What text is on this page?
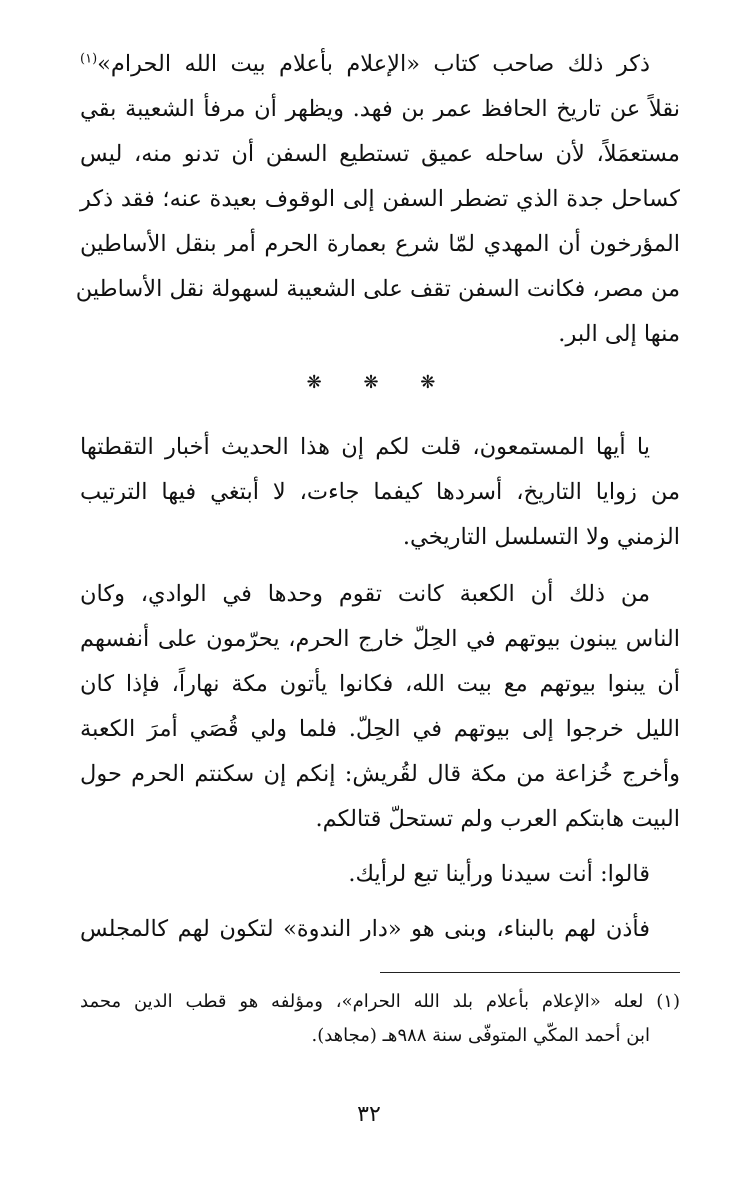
ذكر ذلك صاحب كتاب «الإعلام بأعلام بيت الله الحرام»$^{(١)}$
نقلاً عن تاريخ الحافظ عمر بن فهد. ويظهر أن مرفأ الشعيبة بقي
مستعمَلاً، لأن ساحله عميق تستطيع السفن أن تدنو منه، ليس
كساحل جدة الذي تضطر السفن إلى الوقوف بعيدة عنه؛ فقد ذكر
المؤرخون أن المهدي لمّا شرع بعمارة الحرم أمر بنقل الأساطين
من مصر، فكانت السفن تقف على الشعيبة لسهولة نقل الأساطين
منها إلى البر.
❋ ❋ ❋
يا أيها المستمعون، قلت لكم إن هذا الحديث أخبار التقطتها
من زوايا التاريخ، أسردها كيفما جاءت، لا أبتغي فيها الترتيب
الزمني ولا التسلسل التاريخي.
من ذلك أن الكعبة كانت تقوم وحدها في الوادي، وكان
الناس يبنون بيوتهم في الحِلّ خارج الحرم، يحرّمون على أنفسهم
أن يبنوا بيوتهم مع بيت الله، فكانوا يأتون مكة نهاراً، فإذا كان
الليل خرجوا إلى بيوتهم في الحِلّ. فلما ولي قُصَي أمرَ الكعبة
وأخرج خُزاعة من مكة قال لقُريش: إنكم إن سكنتم الحرم حول
البيت هابتكم العرب ولم تستحلّ قتالكم.
قالوا: أنت سيدنا ورأينا تبع لرأيك.
فأذن لهم بالبناء، وبنى هو «دار الندوة» لتكون لهم كالمجلس
(١) لعله «الإعلام بأعلام بلد الله الحرام»، ومؤلفه هو قطب الدين محمد
ابن أحمد المكّي المتوفّى سنة ٩٨٨هـ (مجاهد).
٣٢
